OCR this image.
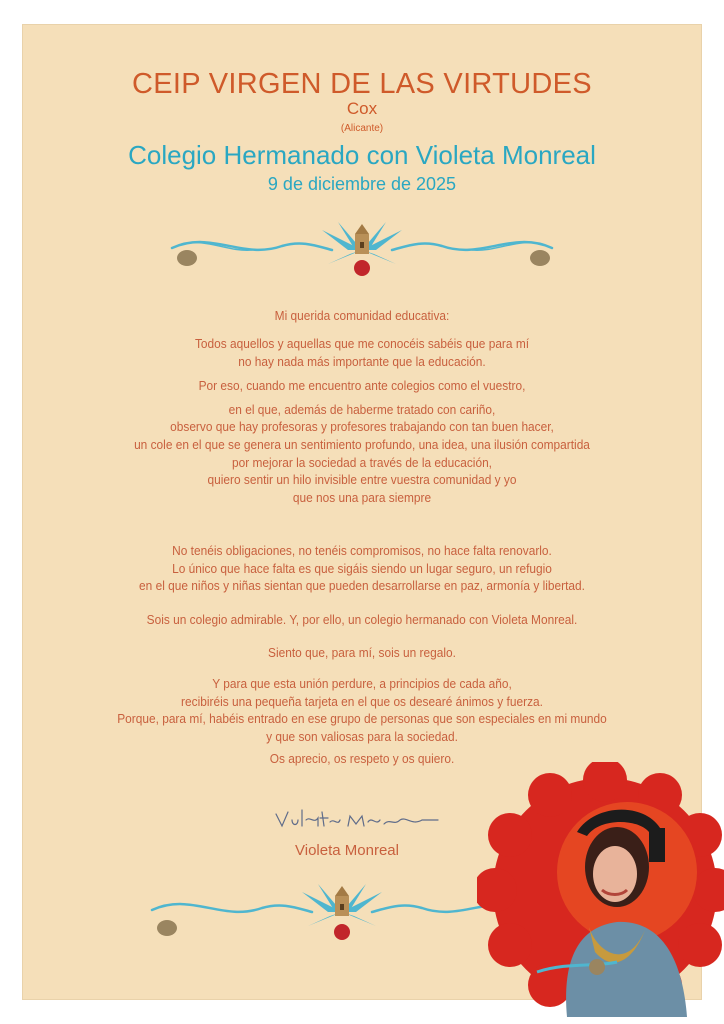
CEIP VIRGEN DE LAS VIRTUDES
Cox
(Alicante)
Colegio Hermanado con Violeta Monreal
9 de diciembre de 2025

Mi querida comunidad educativa:

Todos aquellos y aquellas que me conocéis sabéis que para mí

no hay nada más importante que la educación.

Por eso, cuando me encuentro ante colegios como el vuestro,

en el que, además de haberme tratado con cariño,

observo que hay profesoras y profesores trabajando con tan buen hacer,

un cole en el que se genera un sentimiento profundo, una idea, una ilusión compartida

por mejorar la sociedad a través de la educación,

quiero sentir un hilo invisible entre vuestra comunidad y yo

que nos una para siempre

No tenéis obligaciones, no tenéis compromisos, no hace falta renovarlo.

Lo único que hace falta es que sigáis siendo un lugar seguro, un refugio

en el que niños y niñas sientan que pueden desarrollarse en paz, armonía y libertad.

Sois un colegio admirable. Y, por ello, un colegio hermanado con Violeta Monreal.

Siento que, para mí, sois un regalo.

Y para que esta unión perdure, a principios de cada año,

recibiréis una pequeña tarjeta en el que os desearé ánimos y fuerza.

Porque, para mí, habéis entrado en ese grupo de personas que son especiales en mi mundo

y que son valiosas para la sociedad.

Os aprecio, os respeto y os quiero.

Violeta Monreal
